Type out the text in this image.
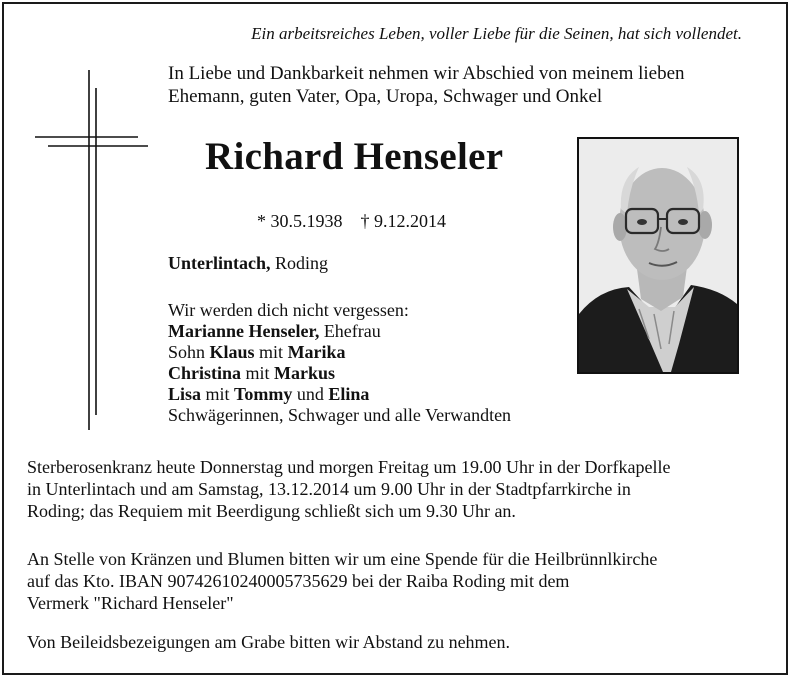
Ein arbeitsreiches Leben, voller Liebe für die Seinen, hat sich vollendet.
In Liebe und Dankbarkeit nehmen wir Abschied von meinem lieben
Ehemann, guten Vater, Opa, Uropa, Schwager und Onkel
Richard Henseler
* 30.5.1938 † 9.12.2014
Unterlintach, Roding
Wir werden dich nicht vergessen:
Marianne Henseler, Ehefrau
Sohn Klaus mit Marika
Christina mit Markus
Lisa mit Tommy und Elina
Schwägerinnen, Schwager und alle Verwandten
Sterberosenkranz heute Donnerstag und morgen Freitag um 19.00 Uhr in der Dorfkapelle
in Unterlintach und am Samstag, 13.12.2014 um 9.00 Uhr in der Stadtpfarrkirche in
Roding; das Requiem mit Beerdigung schließt sich um 9.30 Uhr an.
An Stelle von Kränzen und Blumen bitten wir um eine Spende für die Heilbrünnlkirche
auf das Kto. IBAN 90742610240005735629 bei der Raiba Roding mit dem
Vermerk "Richard Henseler"
Von Beileidsbezeigungen am Grabe bitten wir Abstand zu nehmen.
